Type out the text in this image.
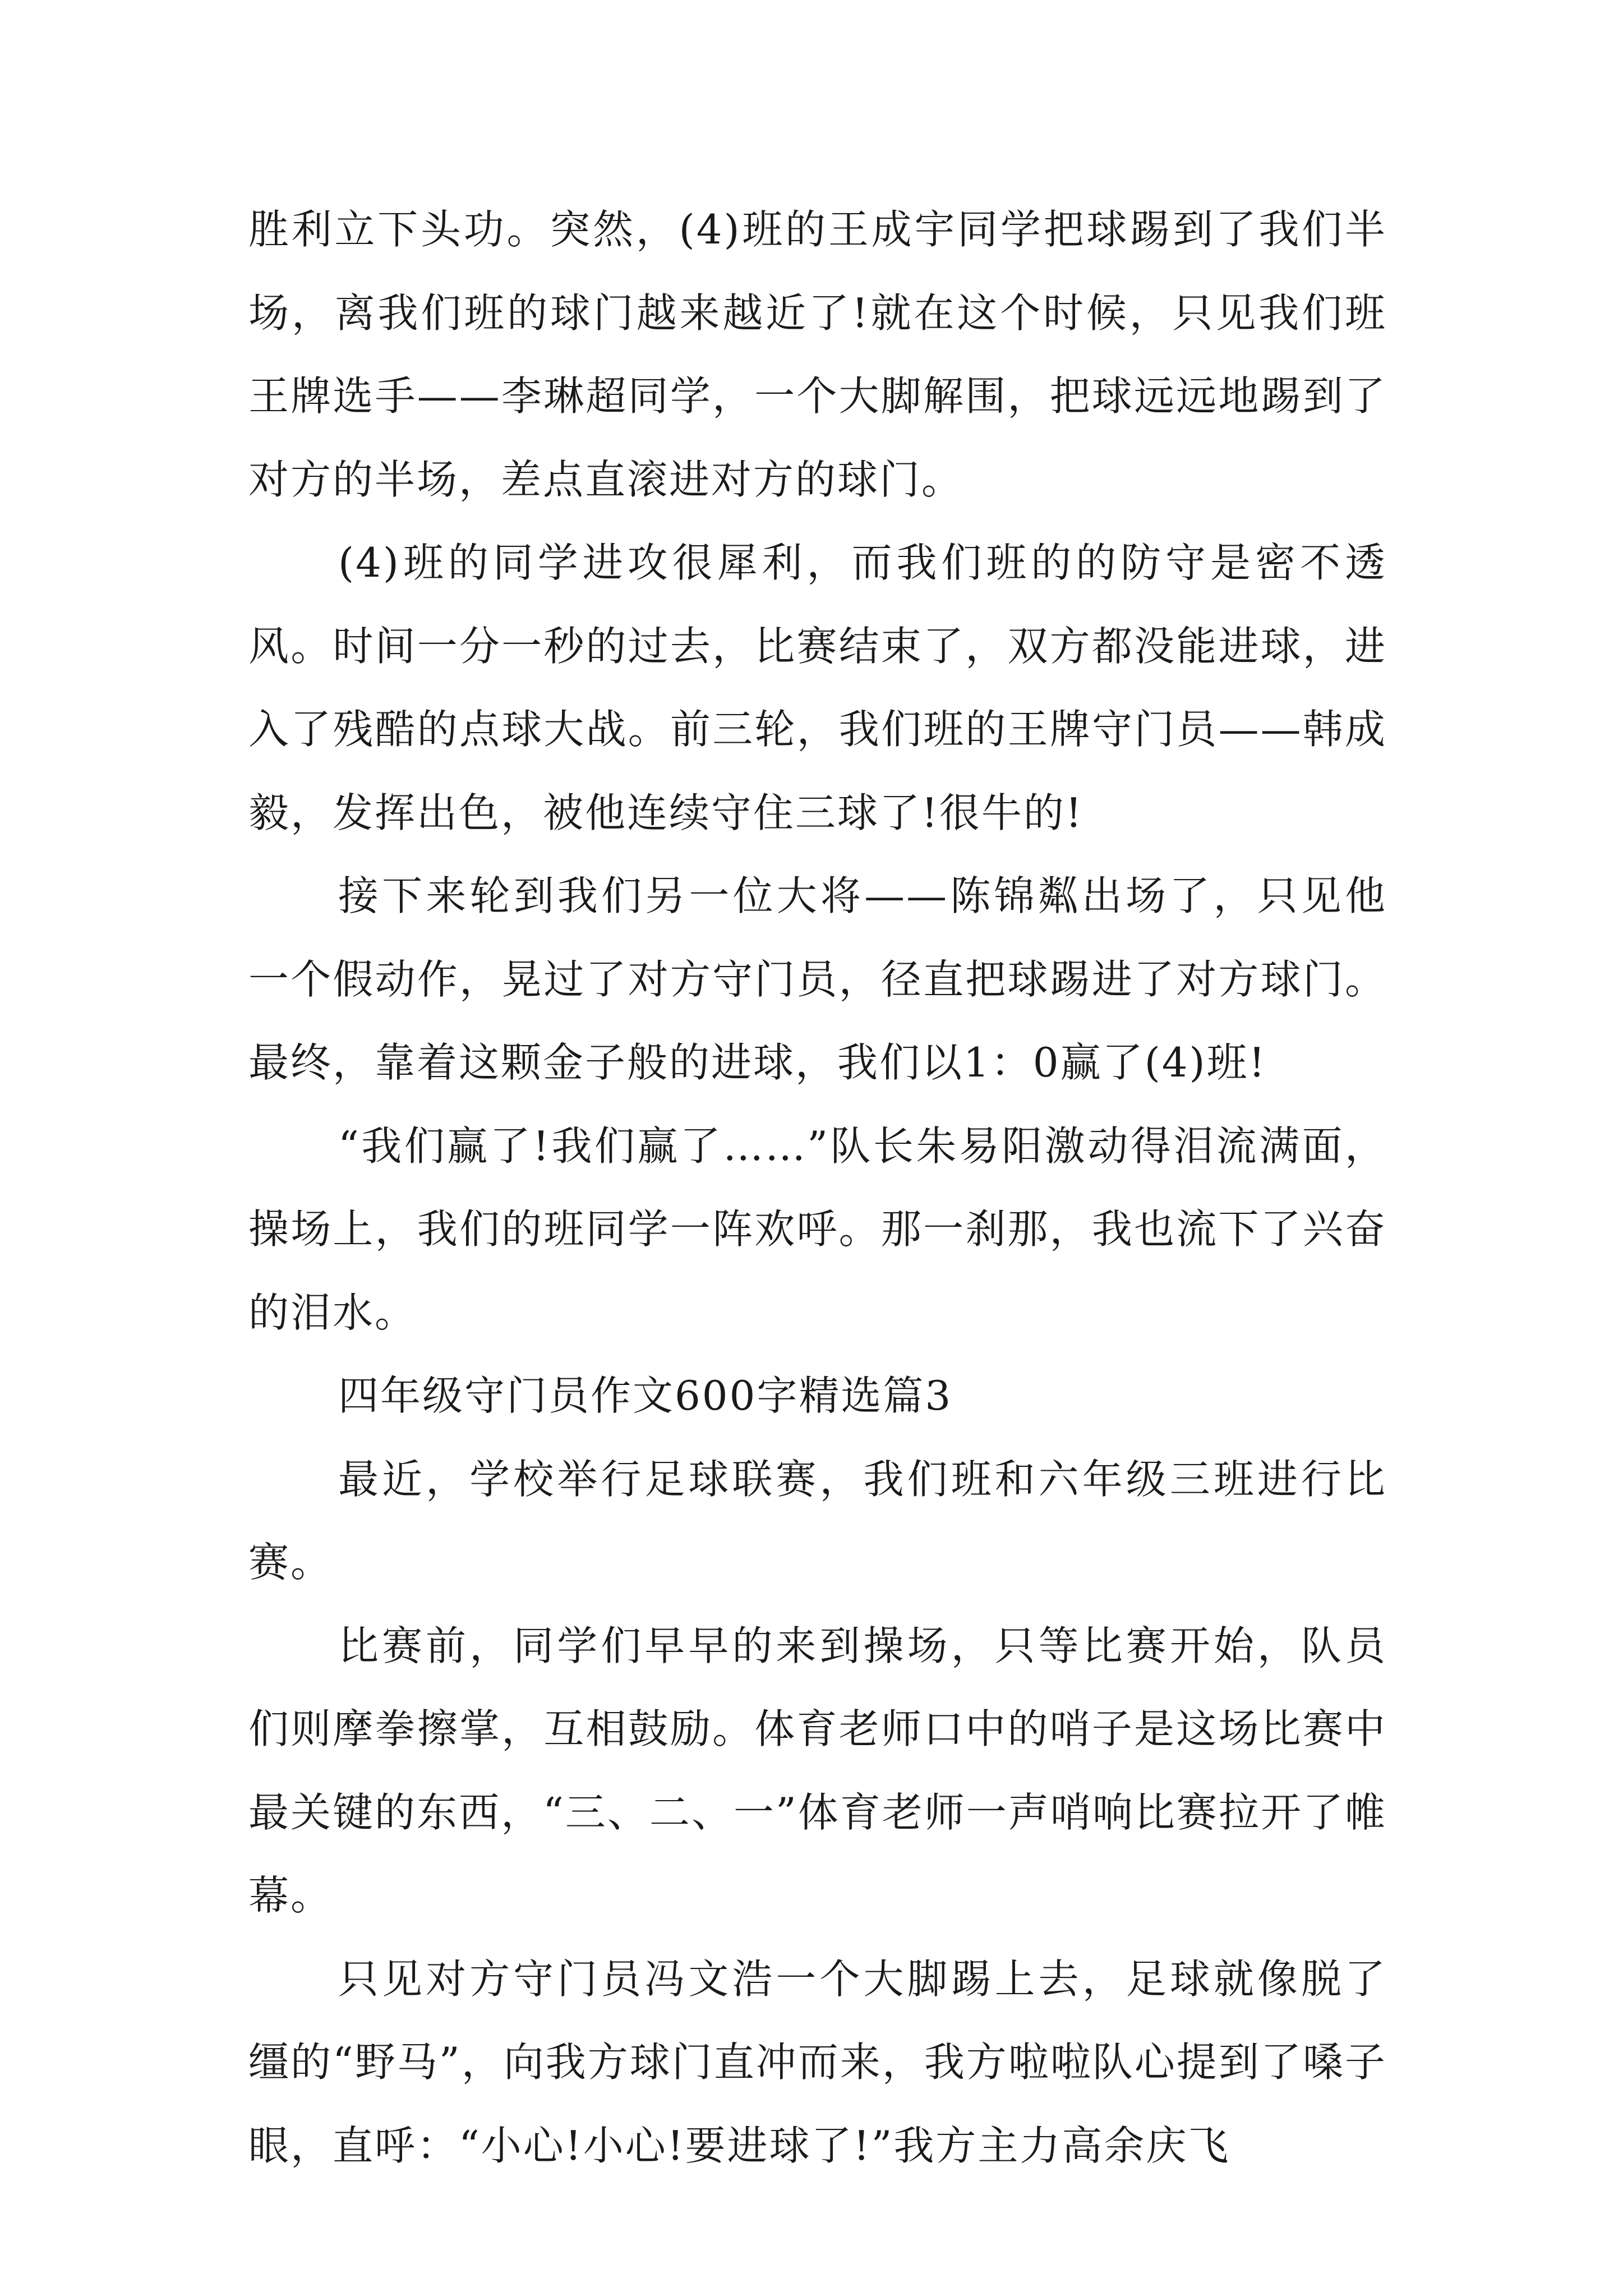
胜利立下头功。突然，(4)班的王成宇同学把球踢到了我们半场，离我们班的球门越来越近了!就在这个时候，只见我们班王牌选手——李琳超同学，一个大脚解围，把球远远地踢到了对方的半场，差点直滚进对方的球门。

(4)班的同学进攻很犀利，而我们班的的防守是密不透风。时间一分一秒的过去，比赛结束了，双方都没能进球，进入了残酷的点球大战。前三轮，我们班的王牌守门员——韩成毅，发挥出色，被他连续守住三球了!很牛的!

接下来轮到我们另一位大将——陈锦粼出场了，只见他一个假动作，晃过了对方守门员，径直把球踢进了对方球门。最终，靠着这颗金子般的进球，我们以1：0赢了(4)班!

“我们赢了!我们赢了……”队长朱易阳激动得泪流满面，操场上，我们的班同学一阵欢呼。那一刹那，我也流下了兴奋的泪水。

四年级守门员作文600字精选篇3

最近，学校举行足球联赛，我们班和六年级三班进行比赛。

比赛前，同学们早早的来到操场，只等比赛开始，队员们则摩拳擦掌，互相鼓励。体育老师口中的哨子是这场比赛中最关键的东西，“三、二、一”体育老师一声哨响比赛拉开了帷幕。

只见对方守门员冯文浩一个大脚踢上去，足球就像脱了缰的“野马”，向我方球门直冲而来，我方啦啦队心提到了嗓子眼，直呼：“小心!小心!要进球了!”我方主力高余庆飞
